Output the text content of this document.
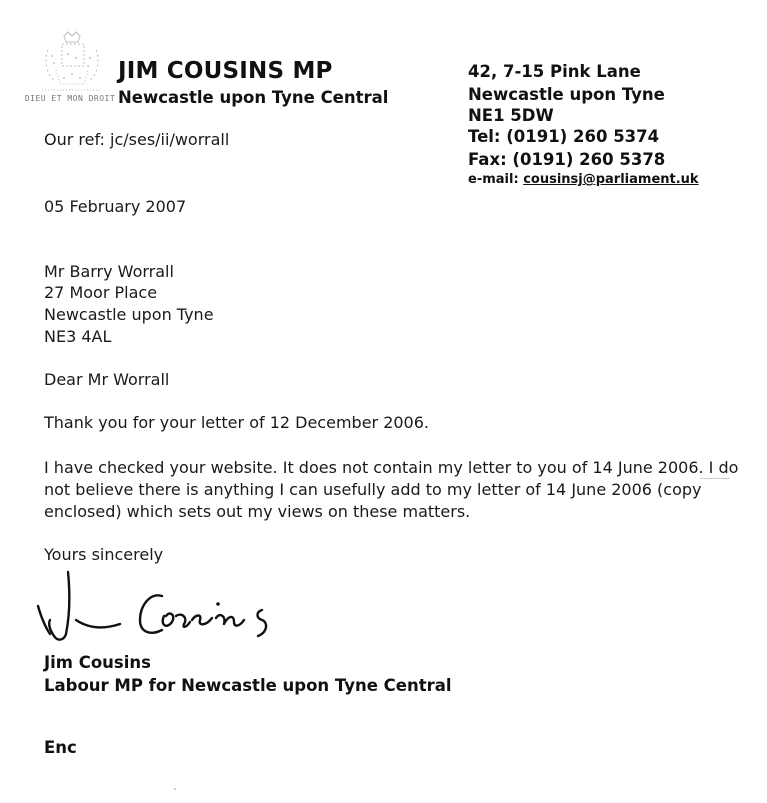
DIEU ET MON DROIT
JIM COUSINS MP
Newcastle upon Tyne Central
42, 7-15 Pink Lane
Newcastle upon Tyne
NE1 5DW
Tel: (0191) 260 5374
Fax: (0191) 260 5378
e-mail: cousinsj@parliament.uk
Our ref: jc/ses/ii/worrall
05 February 2007
Mr Barry Worrall
27 Moor Place
Newcastle upon Tyne
NE3 4AL
Dear Mr Worrall
Thank you for your letter of 12 December 2006.
I have checked your website. It does not contain my letter to you of 14 June 2006. I do not believe there is anything I can usefully add to my letter of 14 June 2006 (copy enclosed) which sets out my views on these matters.
Yours sincerely
Jim Cousins
Labour MP for Newcastle upon Tyne Central
Enc
